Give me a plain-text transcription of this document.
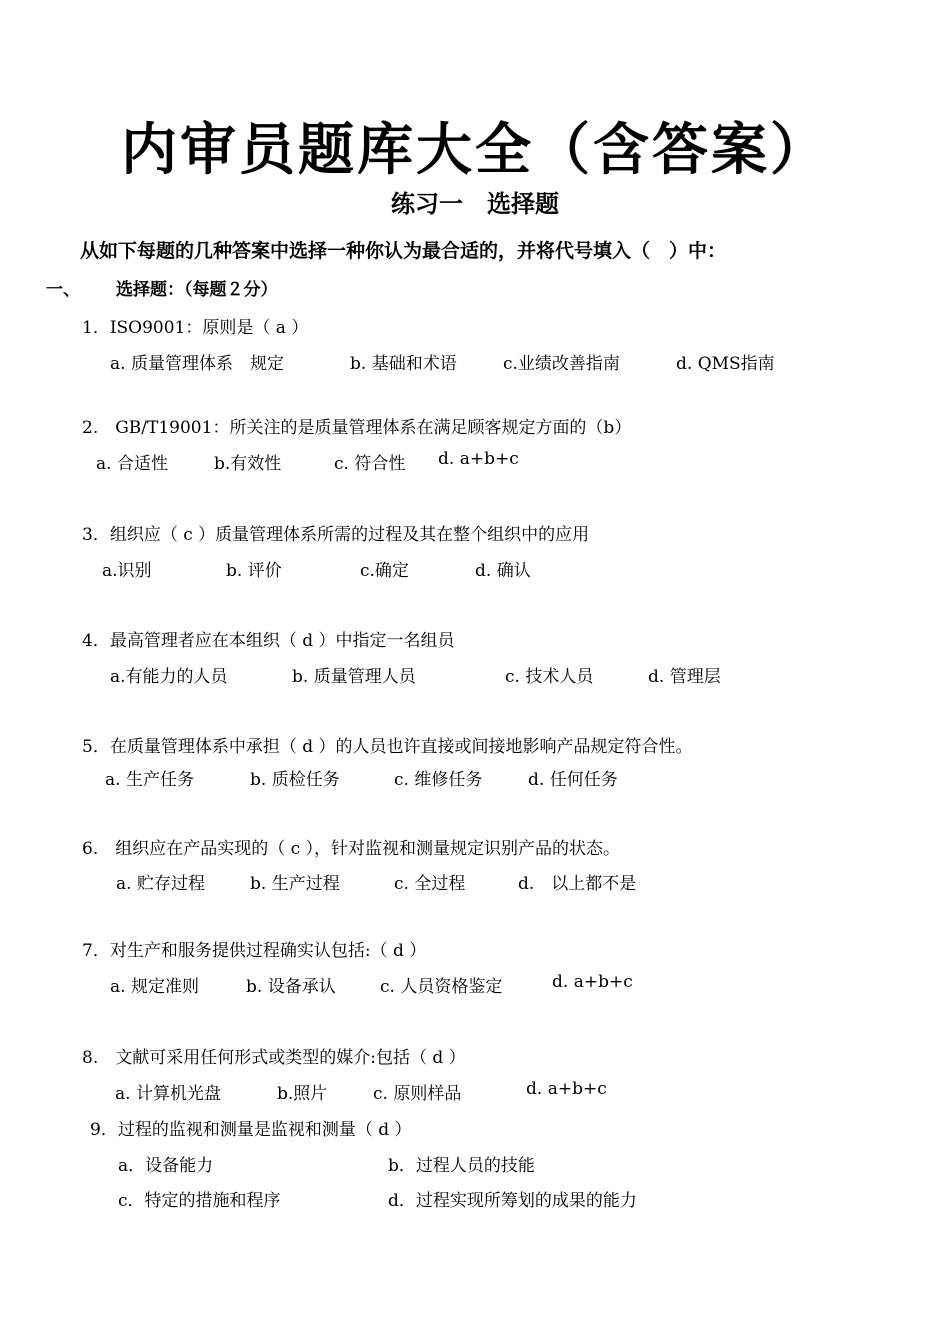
内审员题库大全（含答案）
练习一　选择题
从如下每题的几种答案中选择一种你认为最合适的，并将代号填入（　）中：
一、 选择题：（每题２分）
1．ISO9001：原则是（ a ）
a. 质量管理体系　规定	b. 基础和术语	c.业绩改善指南	d. QMS指南
2.　GB/T19001：所关注的是质量管理体系在满足顾客规定方面的（b）
a. 合适性	b.有效性	c. 符合性 d. a+b+c
3．组织应（ c ）质量管理体系所需的过程及其在整个组织中的应用
a.识别	b. 评价	c.确定	d. 确认
4．最高管理者应在本组织（ d ）中指定一名组员
a.有能力的人员	b. 质量管理人员	c. 技术人员	d. 管理层
5．在质量管理体系中承担（ d ）的人员也许直接或间接地影响产品规定符合性。
a. 生产任务	b. 质检任务	c. 维修任务	d. 任何任务
6.　组织应在产品实现的（ c ），针对监视和测量规定识别产品的状态。
a. 贮存过程	b. 生产过程	c. 全过程	d.　以上都不是
7．对生产和服务提供过程确实认包括:（ d ）
a. 规定准则	b. 设备承认	c. 人员资格鉴定	d. a+b+c
8.　文献可采用任何形式或类型的媒介:包括（ d ）
a. 计算机光盘	b.照片	c. 原则样品	d. a+b+c
9．过程的监视和测量是监视和测量（ d ）
a．设备能力	b．过程人员的技能
c．特定的措施和程序	d．过程实现所筹划的成果的能力
